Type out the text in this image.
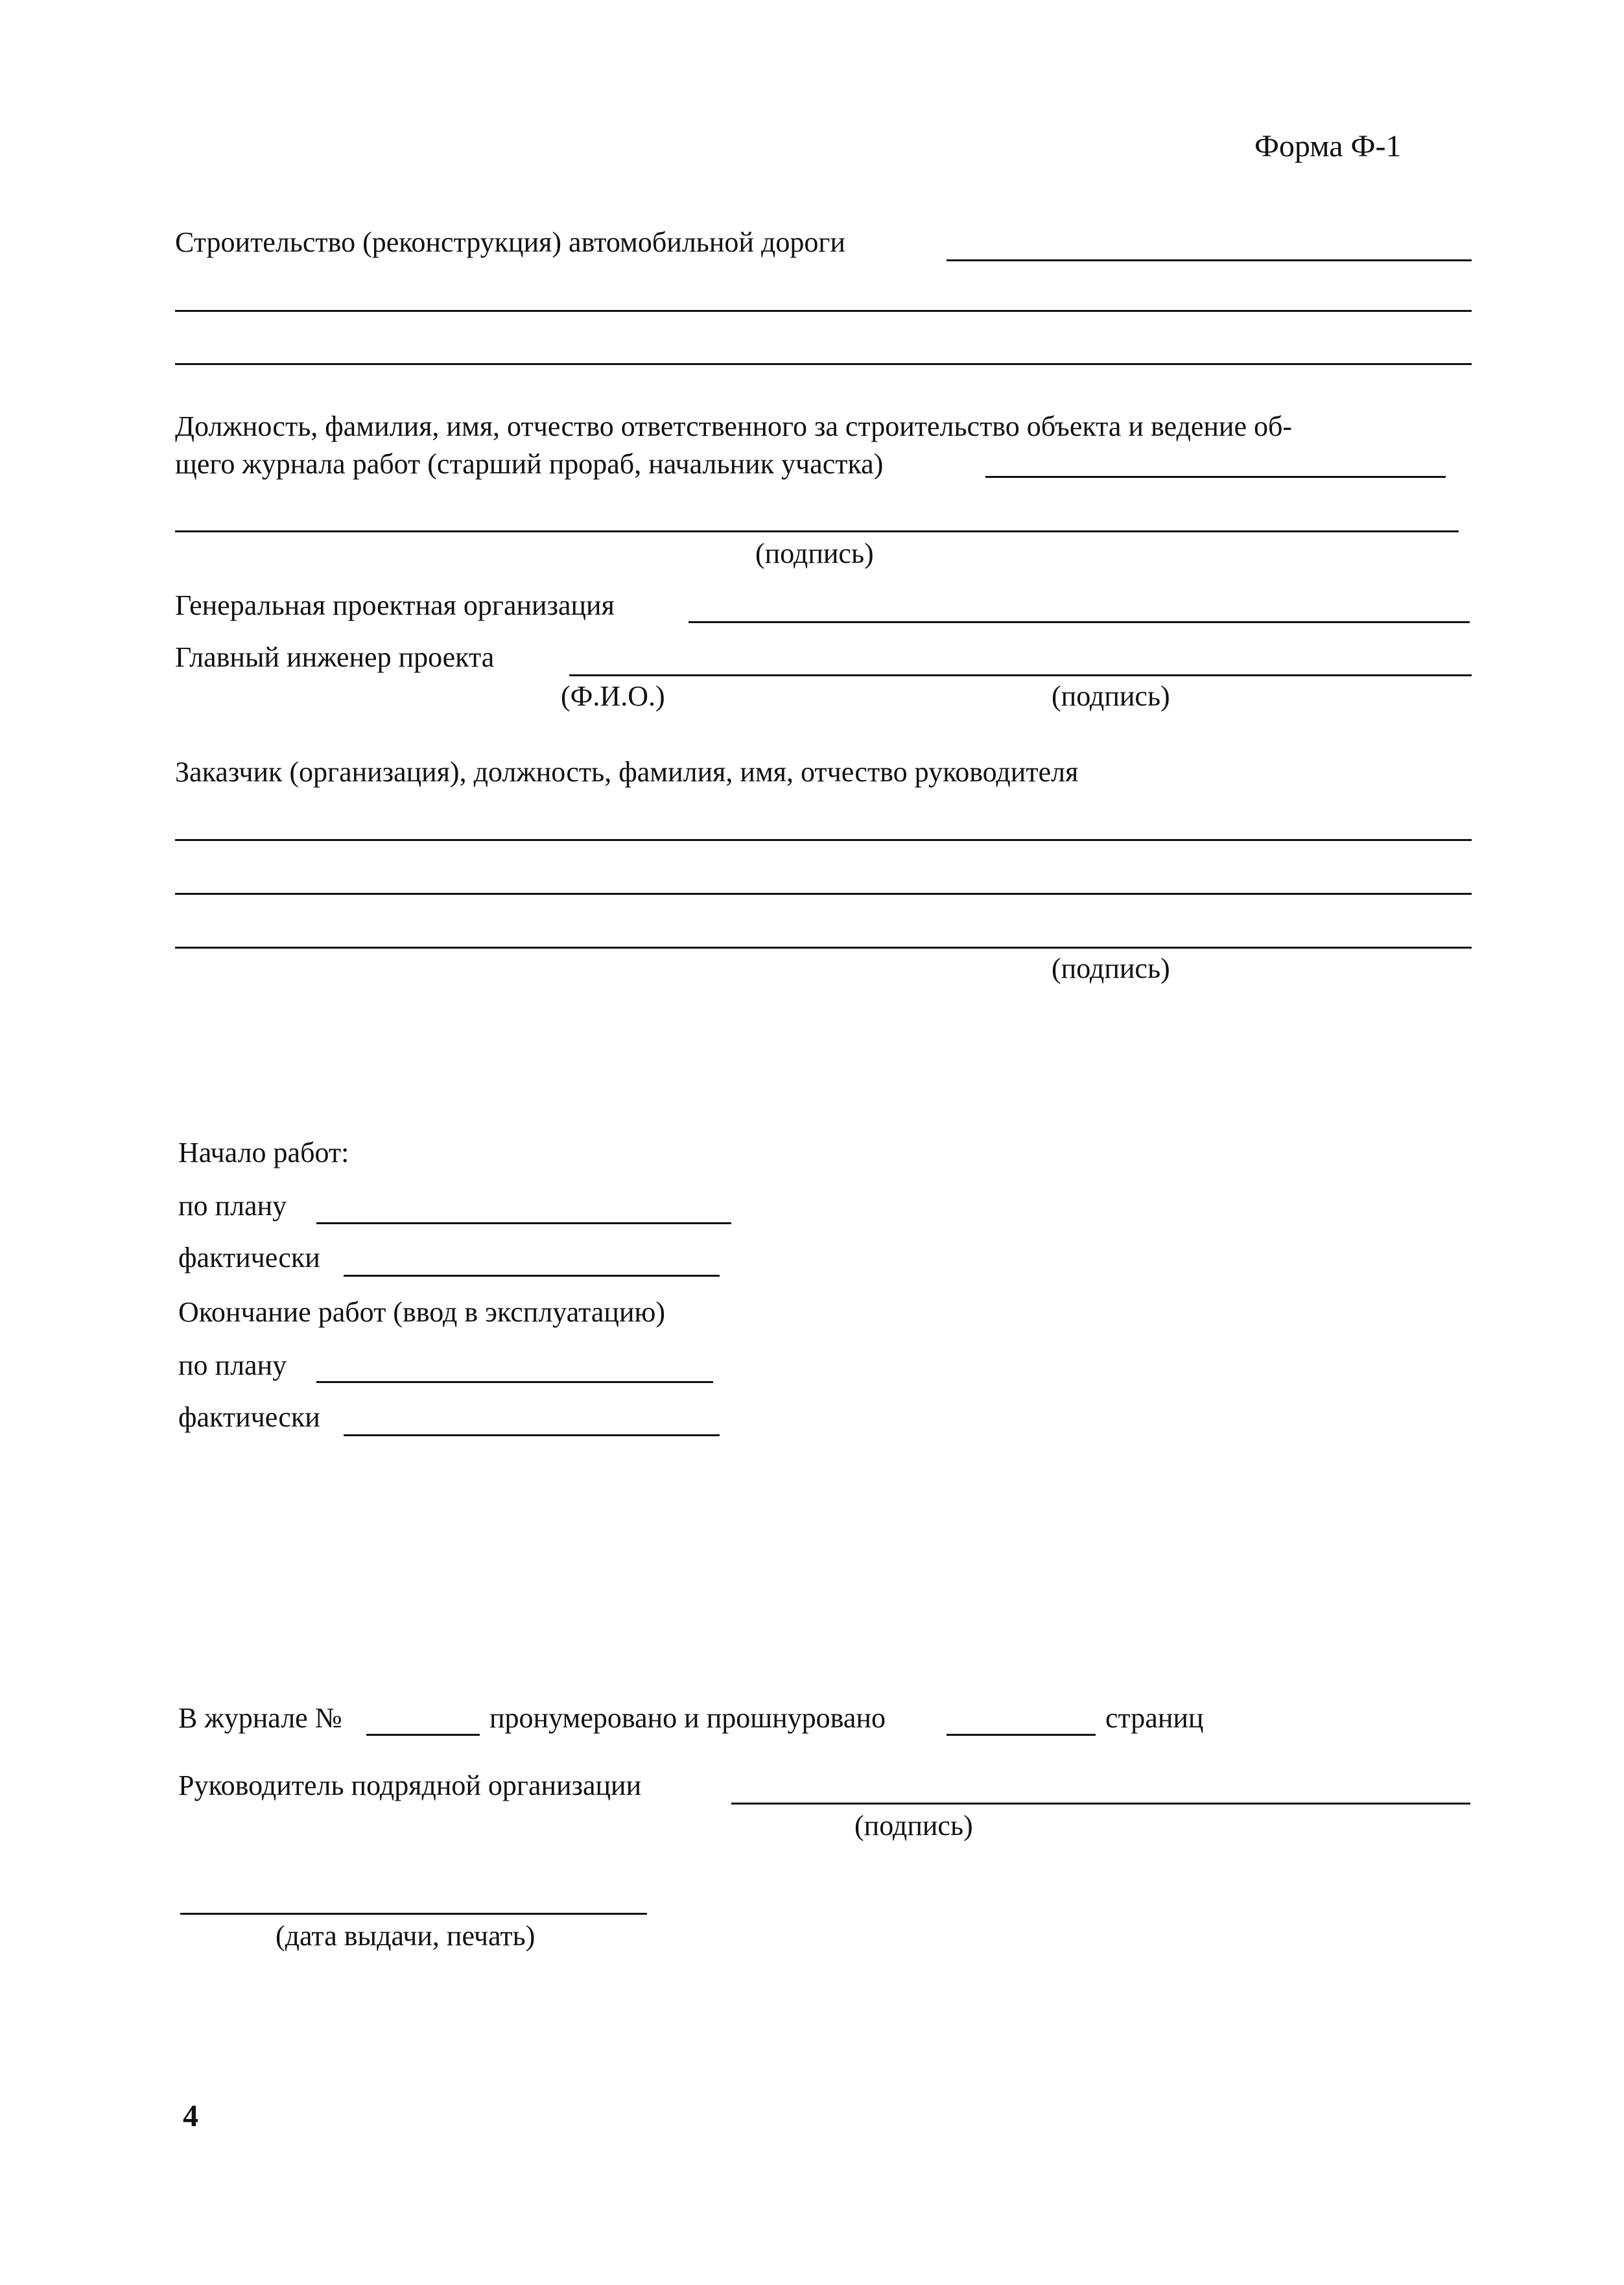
Форма Ф-1
Строительство (реконструкция) автомобильной дороги
Должность, фамилия, имя, отчество ответственного за строительство объекта и ведение об-
щего журнала работ (старший прораб, начальник участка)
(подпись)
Генеральная проектная организация
Главный инженер проекта
(Ф.И.О.)	(подпись)
Заказчик (организация), должность, фамилия, имя, отчество руководителя
(подпись)
Начало работ:
по плану
фактически
Окончание работ (ввод в эксплуатацию)
по плану
фактически
В журнале №	пронумеровано и прошнуровано	страниц
Руководитель подрядной организации
(подпись)
(дата выдачи, печать)
4
